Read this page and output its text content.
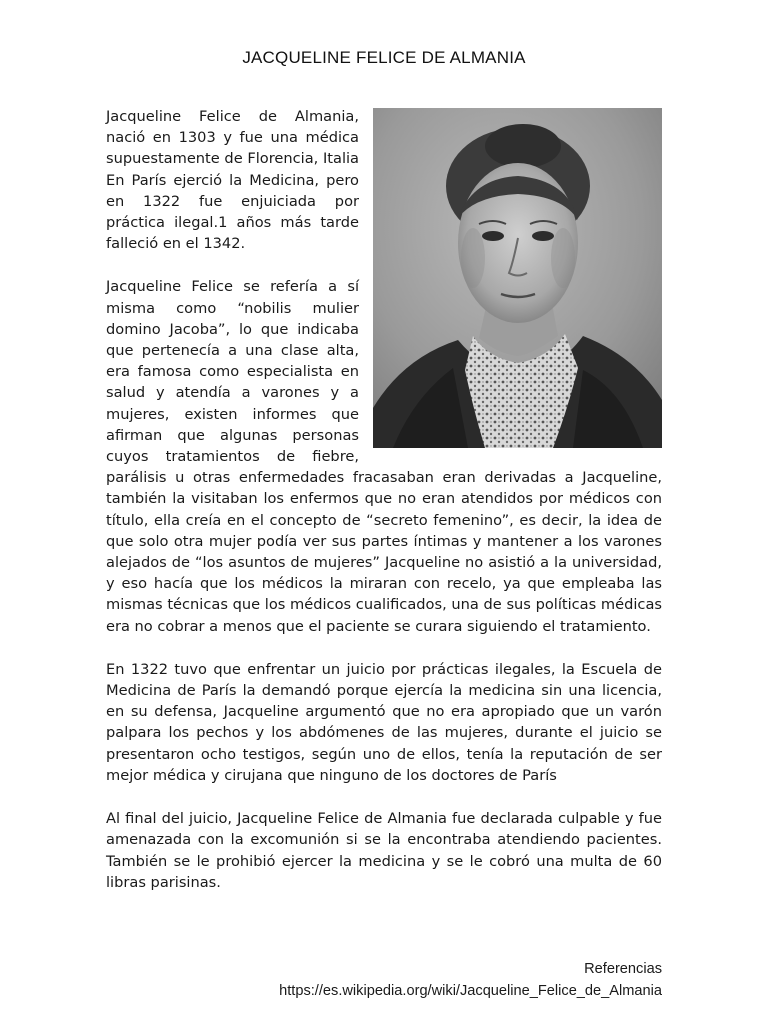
JACQUELINE FELICE DE ALMANIA

Jacqueline Felice de Almania, nació en 1303 y fue una médica supuestamente de Florencia, Italia En París ejerció la Medicina, pero en 1322 fue enjuiciada por práctica ilegal.1 años más tarde falleció en el 1342.

Jacqueline Felice se refería a sí misma como “nobilis mulier domino Jacoba”, lo que indicaba que pertenecía a una clase alta, era famosa como especialista en salud y atendía a varones y a mujeres, existen informes que afirman que algunas personas cuyos tratamientos de fiebre, parálisis u otras enfermedades fracasaban eran derivadas a Jacqueline, también la visitaban los enfermos que no eran atendidos por médicos con título, ella creía en el concepto de “secreto femenino”, es decir, la idea de que solo otra mujer podía ver sus partes íntimas y mantener a los varones alejados de “los asuntos de mujeres” Jacqueline no asistió a la universidad, y eso hacía que los médicos la miraran con recelo, ya que empleaba las mismas técnicas que los médicos cualificados, una de sus políticas médicas era no cobrar a menos que el paciente se curara siguiendo el tratamiento.

En 1322 tuvo que enfrentar un juicio por prácticas ilegales, la Escuela de Medicina de París la demandó porque ejercía la medicina sin una licencia, en su defensa, Jacqueline argumentó que no era apropiado que un varón palpara los pechos y los abdómenes de las mujeres, durante el juicio se presentaron ocho testigos, según uno de ellos, tenía la reputación de ser mejor médica y cirujana que ninguno de los doctores de París

Al final del juicio, Jacqueline Felice de Almania fue declarada culpable y fue amenazada con la excomunión si se la encontraba atendiendo pacientes. También se le prohibió ejercer la medicina y se le cobró una multa de 60 libras parisinas.

Referencias
https://es.wikipedia.org/wiki/Jacqueline_Felice_de_Almania
